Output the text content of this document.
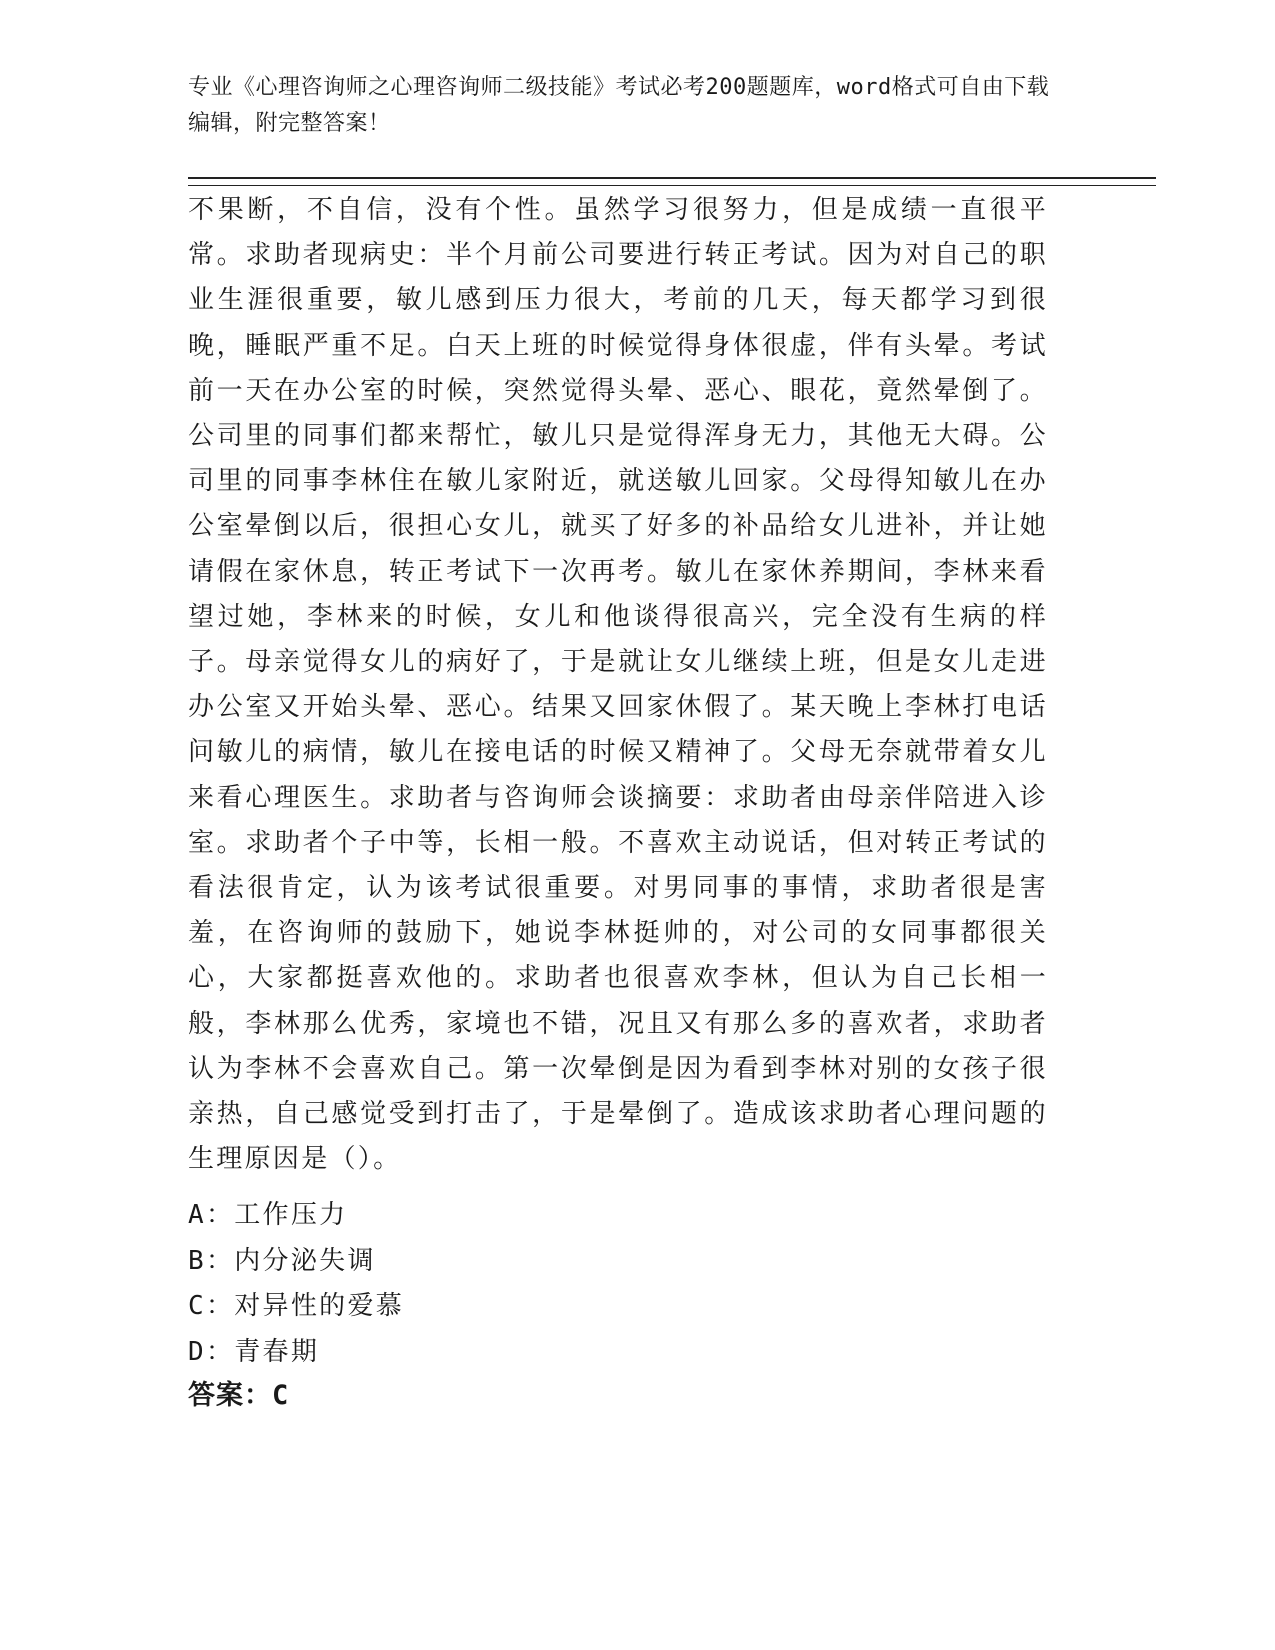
专业《心理咨询师之心理咨询师二级技能》考试必考200题题库，word格式可自由下载编辑，附完整答案！
不果断，不自信，没有个性。虽然学习很努力，但是成绩一直很平常。求助者现病史：半个月前公司要进行转正考试。因为对自己的职业生涯很重要，敏儿感到压力很大，考前的几天，每天都学习到很晚，睡眠严重不足。白天上班的时候觉得身体很虚，伴有头晕。考试前一天在办公室的时候，突然觉得头晕、恶心、眼花，竟然晕倒了。公司里的同事们都来帮忙，敏儿只是觉得浑身无力，其他无大碍。公司里的同事李林住在敏儿家附近，就送敏儿回家。父母得知敏儿在办公室晕倒以后，很担心女儿，就买了好多的补品给女儿进补，并让她请假在家休息，转正考试下一次再考。敏儿在家休养期间，李林来看望过她，李林来的时候，女儿和他谈得很高兴，完全没有生病的样子。母亲觉得女儿的病好了，于是就让女儿继续上班，但是女儿走进办公室又开始头晕、恶心。结果又回家休假了。某天晚上李林打电话问敏儿的病情，敏儿在接电话的时候又精神了。父母无奈就带着女儿来看心理医生。求助者与咨询师会谈摘要：求助者由母亲伴陪进入诊室。求助者个子中等，长相一般。不喜欢主动说话，但对转正考试的看法很肯定，认为该考试很重要。对男同事的事情，求助者很是害羞，在咨询师的鼓励下，她说李林挺帅的，对公司的女同事都很关心，大家都挺喜欢他的。求助者也很喜欢李林，但认为自己长相一般，李林那么优秀，家境也不错，况且又有那么多的喜欢者，求助者认为李林不会喜欢自己。第一次晕倒是因为看到李林对别的女孩子很亲热，自己感觉受到打击了，于是晕倒了。造成该求助者心理问题的生理原因是（）。
A：工作压力
B：内分泌失调
C：对异性的爱慕
D：青春期
答案：C
